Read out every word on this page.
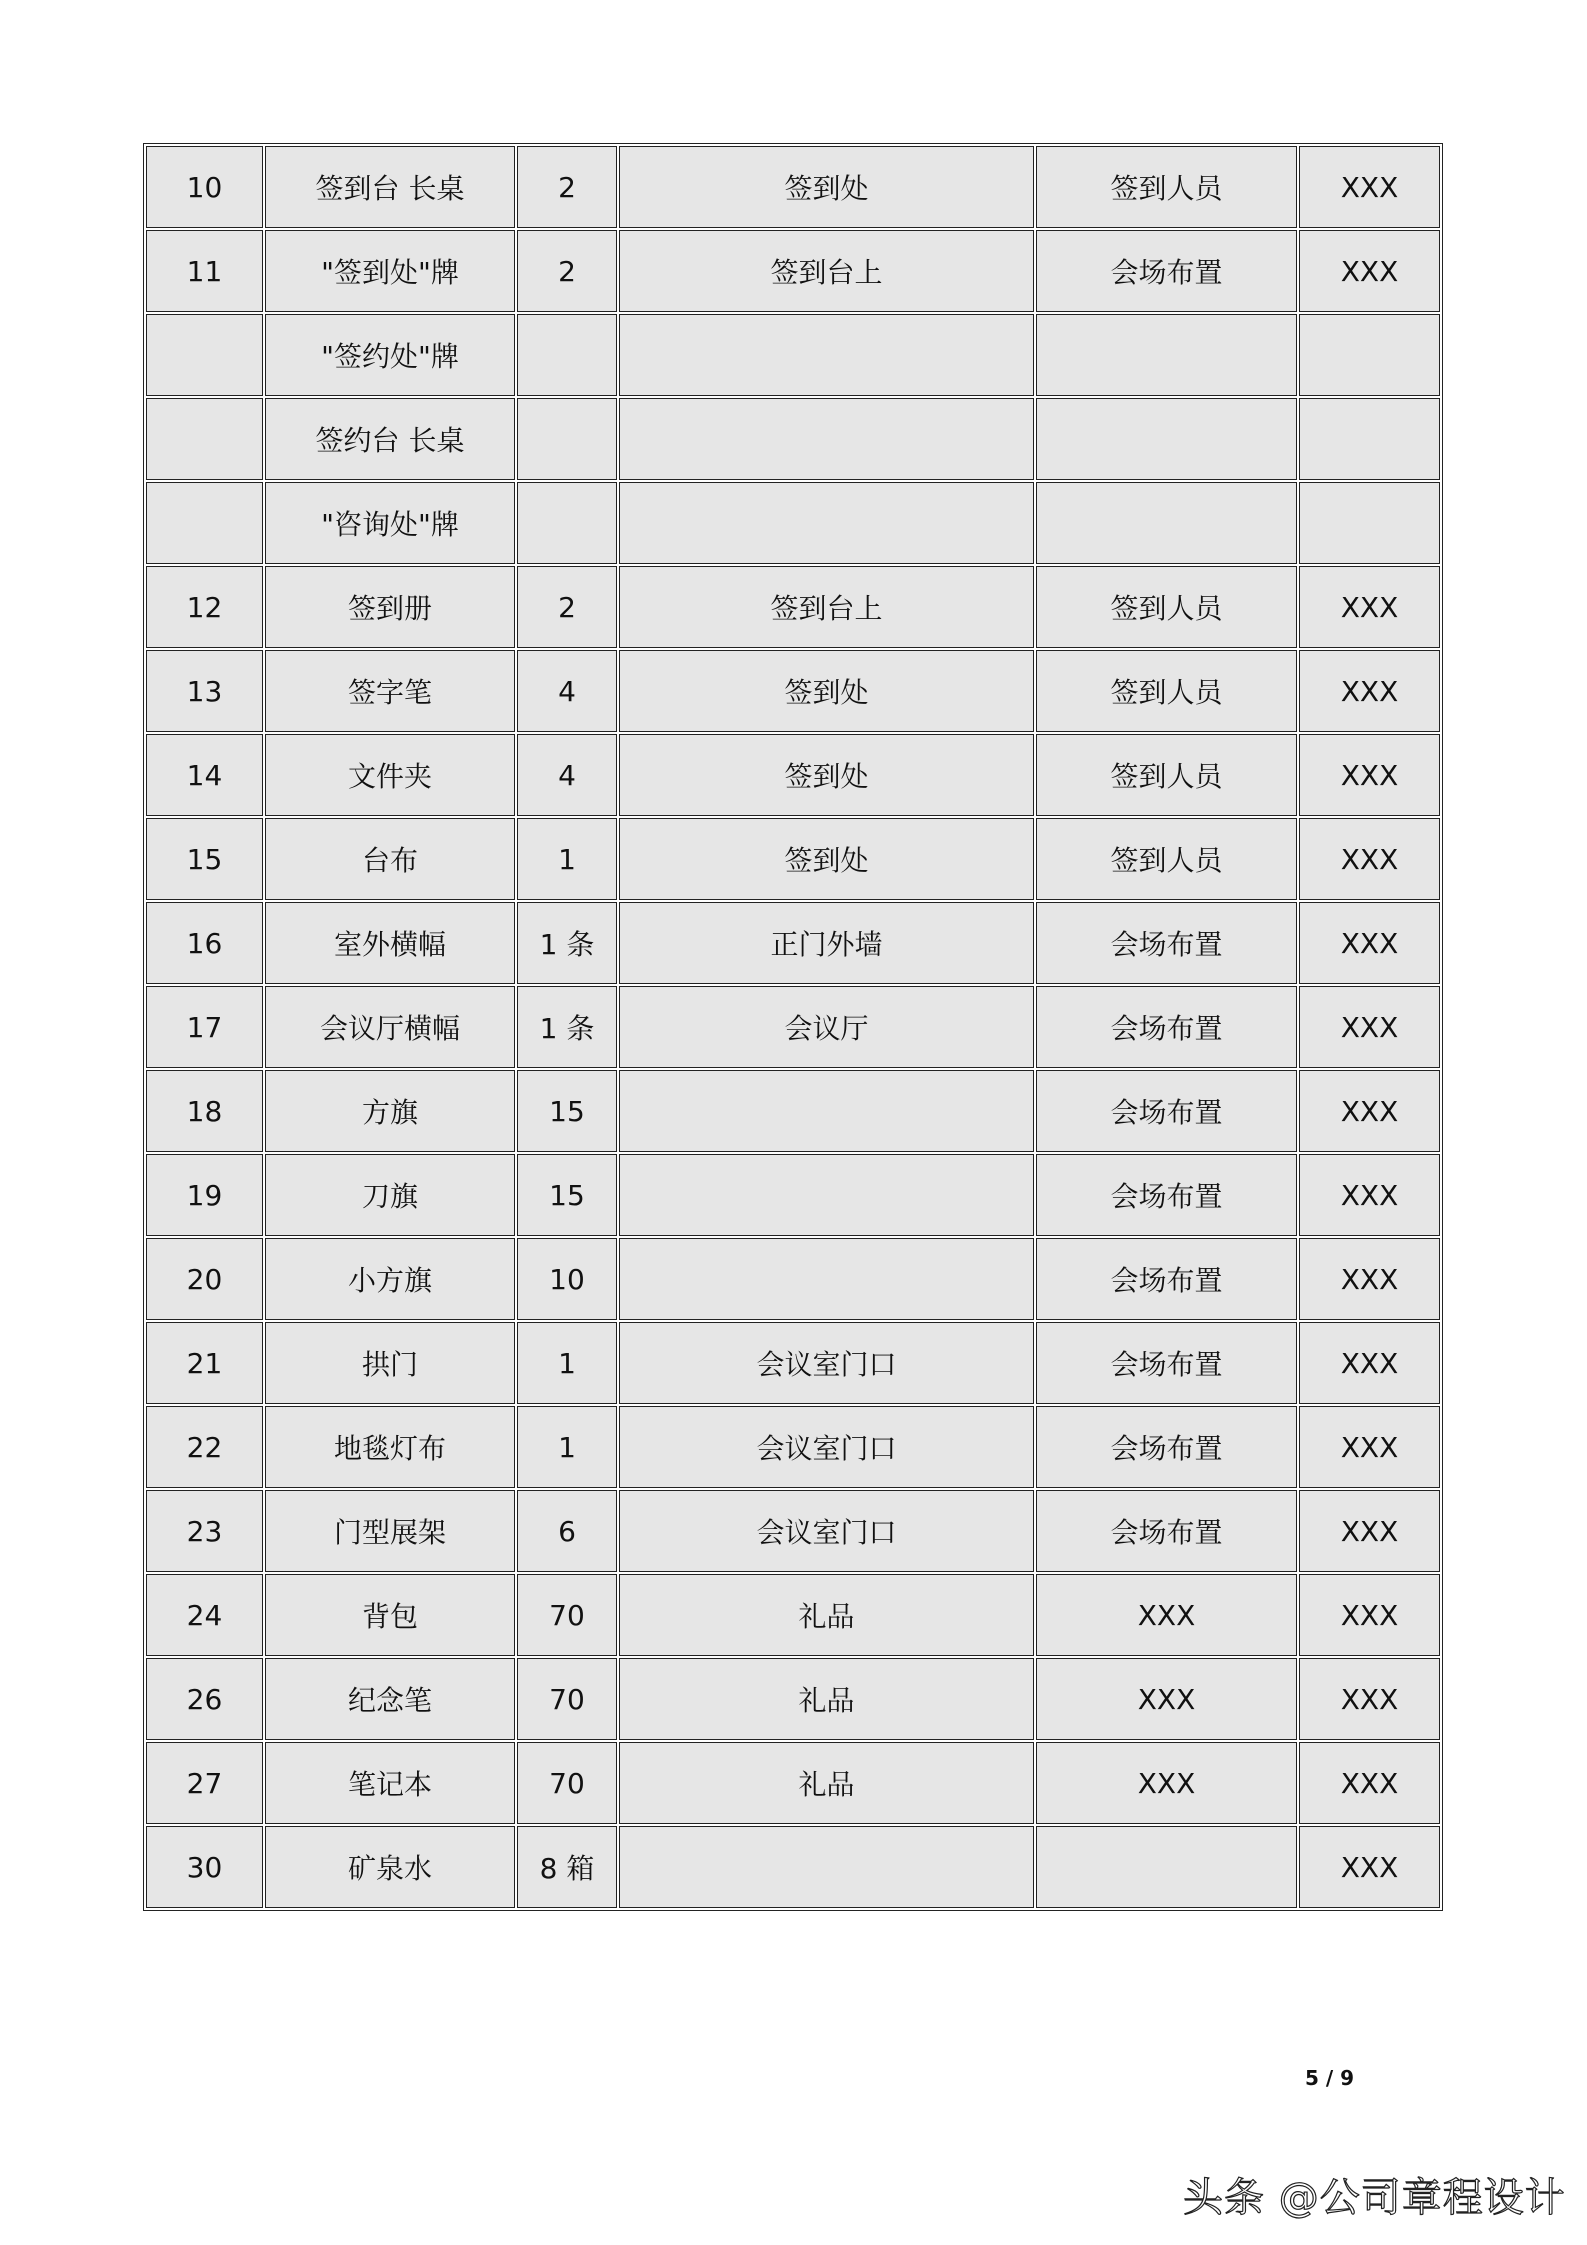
10	签到台 长桌	2	签到处	签到人员	XXX
11	"签到处"牌	2	签到台上	会场布置	XXX
	"签约处"牌				
	签约台 长桌				
	"咨询处"牌				
12	签到册	2	签到台上	签到人员	XXX
13	签字笔	4	签到处	签到人员	XXX
14	文件夹	4	签到处	签到人员	XXX
15	台布	1	签到处	签到人员	XXX
16	室外横幅	1 条	正门外墙	会场布置	XXX
17	会议厅横幅	1 条	会议厅	会场布置	XXX
18	方旗	15		会场布置	XXX
19	刀旗	15		会场布置	XXX
20	小方旗	10		会场布置	XXX
21	拱门	1	会议室门口	会场布置	XXX
22	地毯灯布	1	会议室门口	会场布置	XXX
23	门型展架	6	会议室门口	会场布置	XXX
24	背包	70	礼品	XXX	XXX
26	纪念笔	70	礼品	XXX	XXX
27	笔记本	70	礼品	XXX	XXX
30	矿泉水	8 箱			XXX
5 / 9
头条 @公司章程设计
